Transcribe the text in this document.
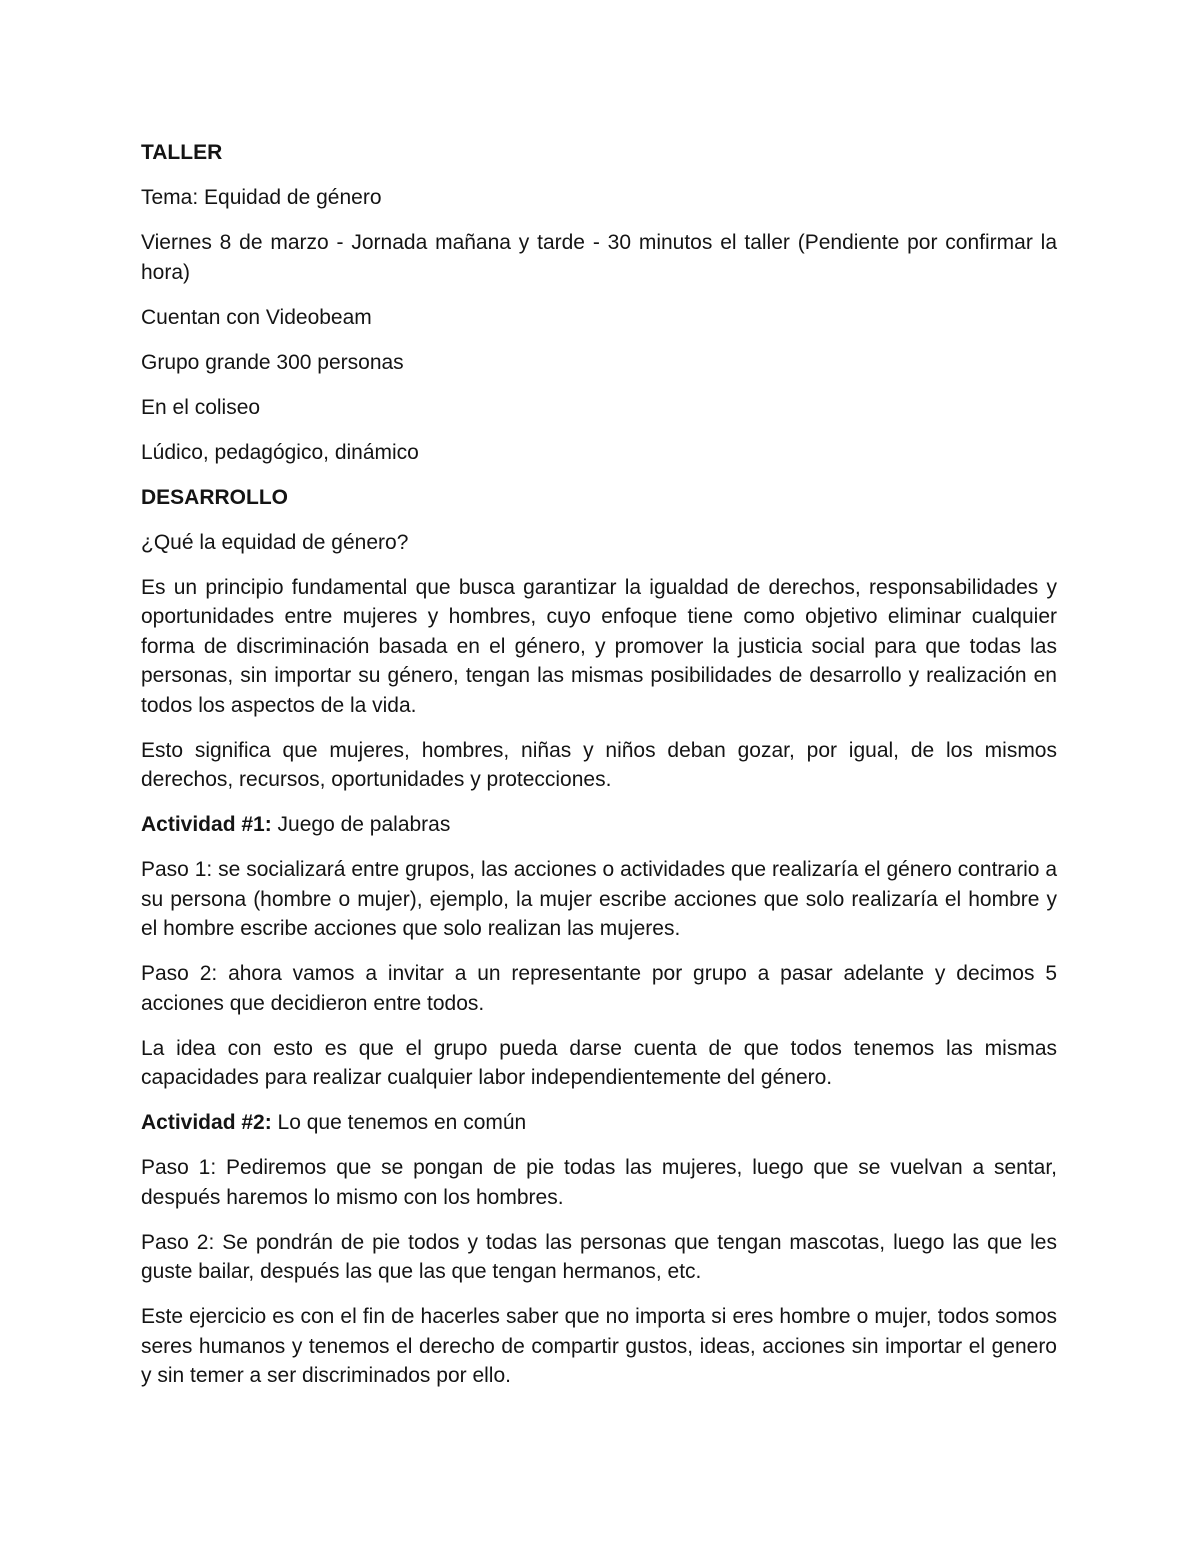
TALLER

Tema: Equidad de género

Viernes 8 de marzo - Jornada mañana y tarde - 30 minutos el taller (Pendiente por confirmar la hora)

Cuentan con Videobeam

Grupo grande 300 personas

En el coliseo

Lúdico, pedagógico, dinámico

DESARROLLO

¿Qué la equidad de género?

Es un principio fundamental que busca garantizar la igualdad de derechos, responsabilidades y oportunidades entre mujeres y hombres, cuyo enfoque tiene como objetivo eliminar cualquier forma de discriminación basada en el género, y promover la justicia social para que todas las personas, sin importar su género, tengan las mismas posibilidades de desarrollo y realización en todos los aspectos de la vida.

Esto significa que mujeres, hombres, niñas y niños deban gozar, por igual, de los mismos derechos, recursos, oportunidades y protecciones.

Actividad #1: Juego de palabras

Paso 1: se socializará entre grupos, las acciones o actividades que realizaría el género contrario a su persona (hombre o mujer), ejemplo, la mujer escribe acciones que solo realizaría el hombre y el hombre escribe acciones que solo realizan las mujeres.

Paso 2: ahora vamos a invitar a un representante por grupo a pasar adelante y decimos 5 acciones que decidieron entre todos.

La idea con esto es que el grupo pueda darse cuenta de que todos tenemos las mismas capacidades para realizar cualquier labor independientemente del género.

Actividad #2: Lo que tenemos en común

Paso 1: Pediremos que se pongan de pie todas las mujeres, luego que se vuelvan a sentar, después haremos lo mismo con los hombres.

Paso 2: Se pondrán de pie todos y todas las personas que tengan mascotas, luego las que les guste bailar, después las que las que tengan hermanos, etc.

Este ejercicio es con el fin de hacerles saber que no importa si eres hombre o mujer, todos somos seres humanos y tenemos el derecho de compartir gustos, ideas, acciones sin importar el genero y sin temer a ser discriminados por ello.
